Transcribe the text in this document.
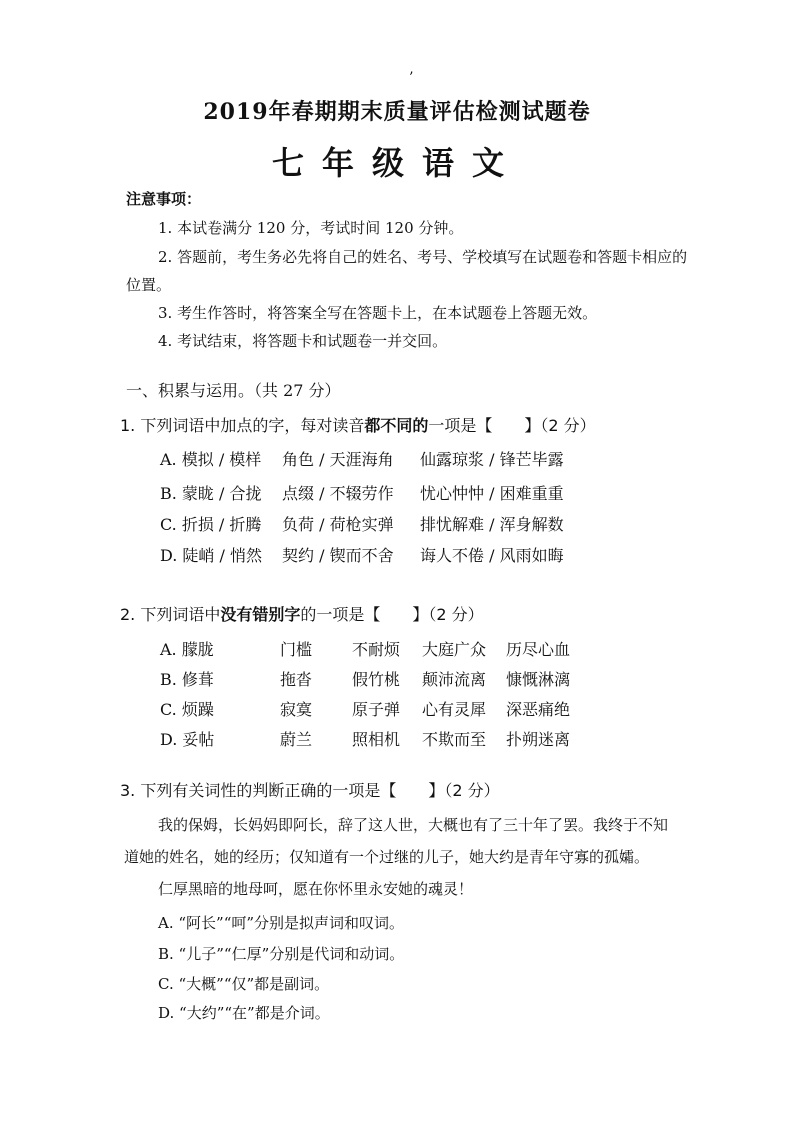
’
2019年春期期末质量评估检测试题卷
七年级语文
注意事项：
1. 本试卷满分 120 分，考试时间 120 分钟。
2. 答题前，考生务必先将自己的姓名、考号、学校填写在试题卷和答题卡相应的
位置。
3. 考生作答时，将答案全写在答题卡上，在本试题卷上答题无效。
4. 考试结束，将答题卡和试题卷一并交回。
一、积累与运用。（共 27 分）
1. 下列词语中加点的字，每对读音都不同的一项是【　　】（2 分）
A. 模拟 / 模样 角色 / 天涯海角 仙露琼浆 / 锋芒毕露
B. 蒙眬 / 合拢 点缀 / 不辍劳作 忧心忡忡 / 困难重重
C. 折损 / 折腾 负荷 / 荷枪实弹 排忧解难 / 浑身解数
D. 陡峭 / 悄然 契约 / 锲而不舍 诲人不倦 / 风雨如晦
2. 下列词语中没有错别字的一项是【　　】（2 分）
A. 朦胧	门槛 不耐烦 大庭广众 历尽心血
B. 修葺	拖沓 假竹桃 颠沛流离 慷慨淋漓
C. 烦躁	寂寞 原子弹 心有灵犀 深恶痛绝
D. 妥帖	蔚兰 照相机 不欺而至 扑朔迷离
3. 下列有关词性的判断正确的一项是【　　】（2 分）
我的保姆，长妈妈即阿长，辞了这人世，大概也有了三十年了罢。我终于不知
道她的姓名，她的经历；仅知道有一个过继的儿子，她大约是青年守寡的孤孀。
仁厚黑暗的地母呵，愿在你怀里永安她的魂灵！
A. “阿长”“呵”分别是拟声词和叹词。
B. “儿子”“仁厚”分别是代词和动词。
C. “大概”“仅”都是副词。
D. “大约”“在”都是介词。
